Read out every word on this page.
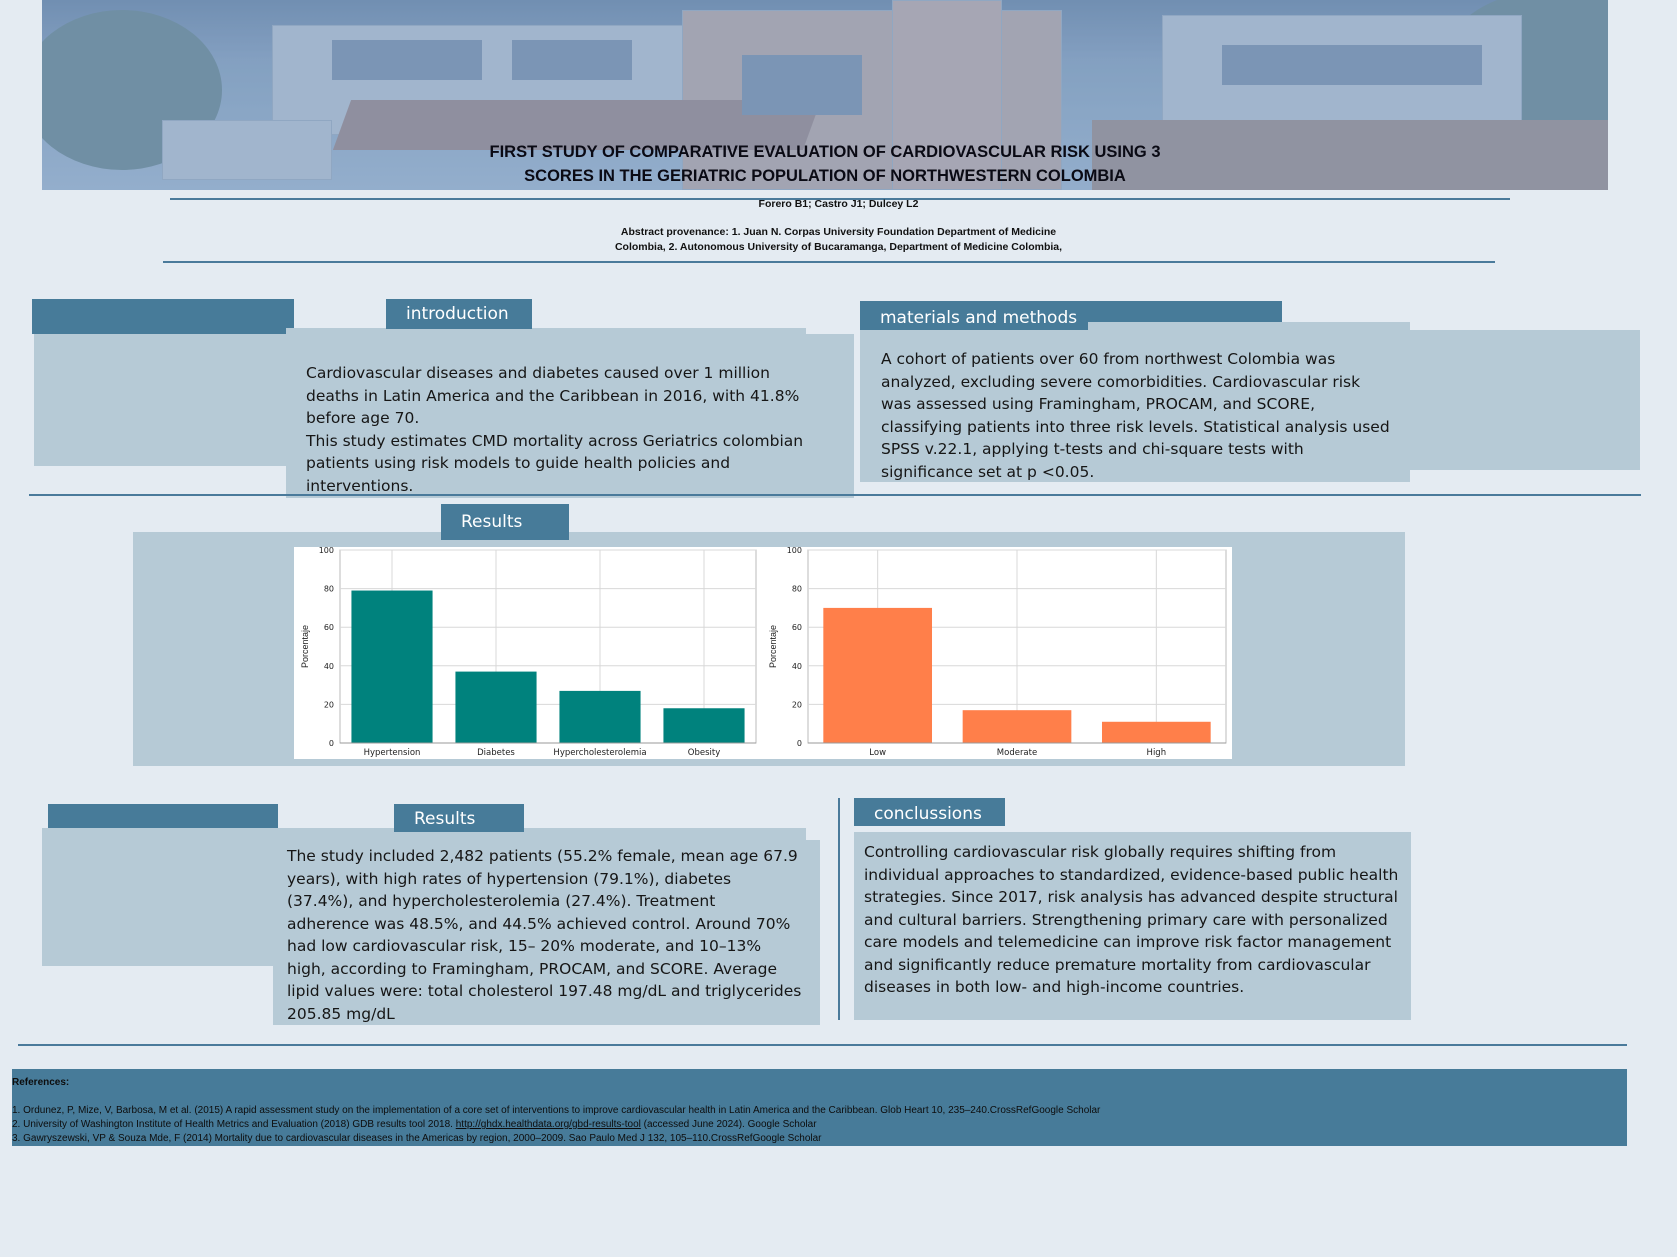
FIRST STUDY OF COMPARATIVE EVALUATION OF CARDIOVASCULAR RISK USING 3
SCORES IN THE GERIATRIC POPULATION OF NORTHWESTERN COLOMBIA
Forero B1; Castro J1; Dulcey L2
Abstract provenance: 1. Juan N. Corpas University Foundation Department of Medicine
Colombia, 2. Autonomous University of Bucaramanga, Department of Medicine Colombia,
introduction

Cardiovascular diseases and diabetes caused over 1 million deaths in Latin America and the Caribbean in 2016, with 41.8% before age 70.

This study estimates CMD mortality across Geriatrics colombian patients using risk models to guide health policies and interventions.

materials and methods
A cohort of patients over 60 from northwest Colombia was analyzed, excluding severe comorbidities. Cardiovascular risk was assessed using Framingham, PROCAM, and SCORE, classifying patients into three risk levels. Statistical analysis used SPSS v.22.1, applying t-tests and chi-square tests with significance set at p <0.05.
Results
0
20
40
60
80
100
Hypertension	Diabetes	Hypercholesterolemia	Obesity
Porcentaje
0
20
40
60
80
100
Low	Moderate	High
Porcentaje
Results
The study included 2,482 patients (55.2% female, mean age 67.9 years), with high rates of hypertension (79.1%), diabetes (37.4%), and hypercholesterolemia (27.4%). Treatment adherence was 48.5%, and 44.5% achieved control. Around 70% had low cardiovascular risk, 15– 20% moderate, and 10–13% high, according to Framingham, PROCAM, and SCORE. Average lipid values were: total cholesterol 197.48 mg/dL and triglycerides 205.85 mg/dL
conclussions
Controlling cardiovascular risk globally requires shifting from individual approaches to standardized, evidence-based public health strategies. Since 2017, risk analysis has advanced despite structural and cultural barriers. Strengthening primary care with personalized care models and telemedicine can improve risk factor management and significantly reduce premature mortality from cardiovascular diseases in both low- and high-income countries.
References:
1. Ordunez, P, Mize, V, Barbosa, M et al. (2015) A rapid assessment study on the implementation of a core set of interventions to improve cardiovascular health in Latin America and the Caribbean. Glob Heart 10, 235–240.CrossRefGoogle Scholar
2. University of Washington Institute of Health Metrics and Evaluation (2018) GDB results tool 2018. http://ghdx.healthdata.org/gbd-results-tool (accessed June 2024). Google Scholar
3. Gawryszewski, VP & Souza Mde, F (2014) Mortality due to cardiovascular diseases in the Americas by region, 2000–2009. Sao Paulo Med J 132, 105–110.CrossRefGoogle Scholar
